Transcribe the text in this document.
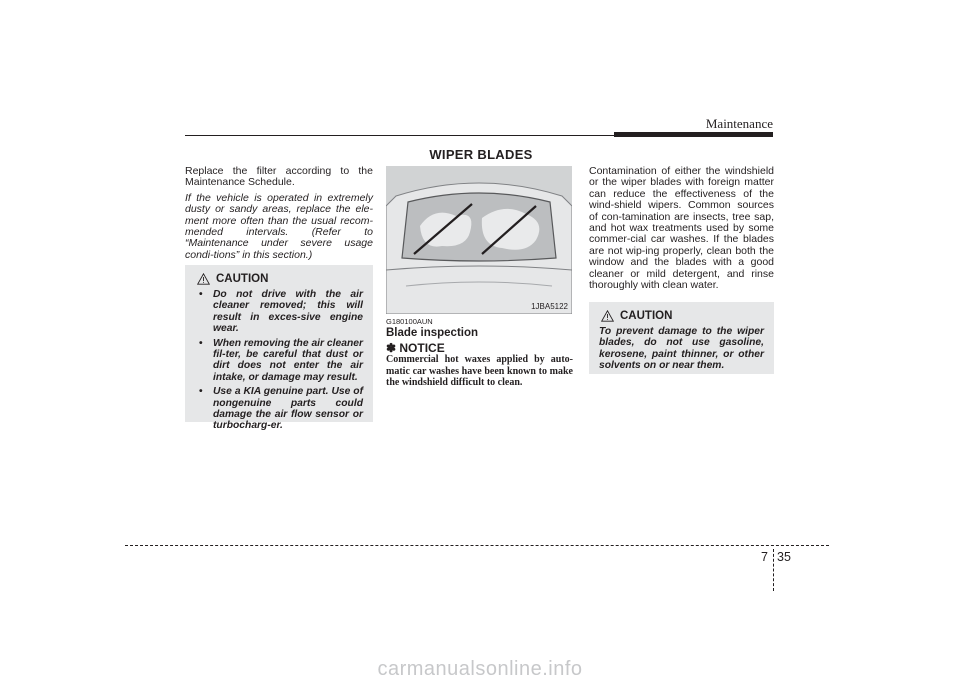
Maintenance
WIPER BLADES

Replace the filter according to the Maintenance Schedule.

If the vehicle is operated in extremely dusty or sandy areas, replace the ele-ment more often than the usual recom-mended intervals. (Refer to “Maintenance under severe usage condi-tions” in this section.)

CAUTION
• Do not drive with the air cleaner removed; this will result in exces-sive engine wear.
• When removing the air cleaner fil-ter, be careful that dust or dirt does not enter the air intake, or damage may result.
• Use a KIA genuine part. Use of nongenuine parts could damage the air flow sensor or turbocharg-er.
1JBA5122
G180100AUN
Blade inspection
✽ NOTICE
Commercial hot waxes applied by auto-matic car washes have been known to make the windshield difficult to clean.
Contamination of either the windshield or the wiper blades with foreign matter can reduce the effectiveness of the wind-shield wipers. Common sources of con-tamination are insects, tree sap, and hot wax treatments used by some commer-cial car washes. If the blades are not wip-ing properly, clean both the window and the blades with a good cleaner or mild detergent, and rinse thoroughly with clean water.
CAUTION
To prevent damage to the wiper blades, do not use gasoline, kerosene, paint thinner, or other solvents on or near them.
7 35
carmanualsonline.info
